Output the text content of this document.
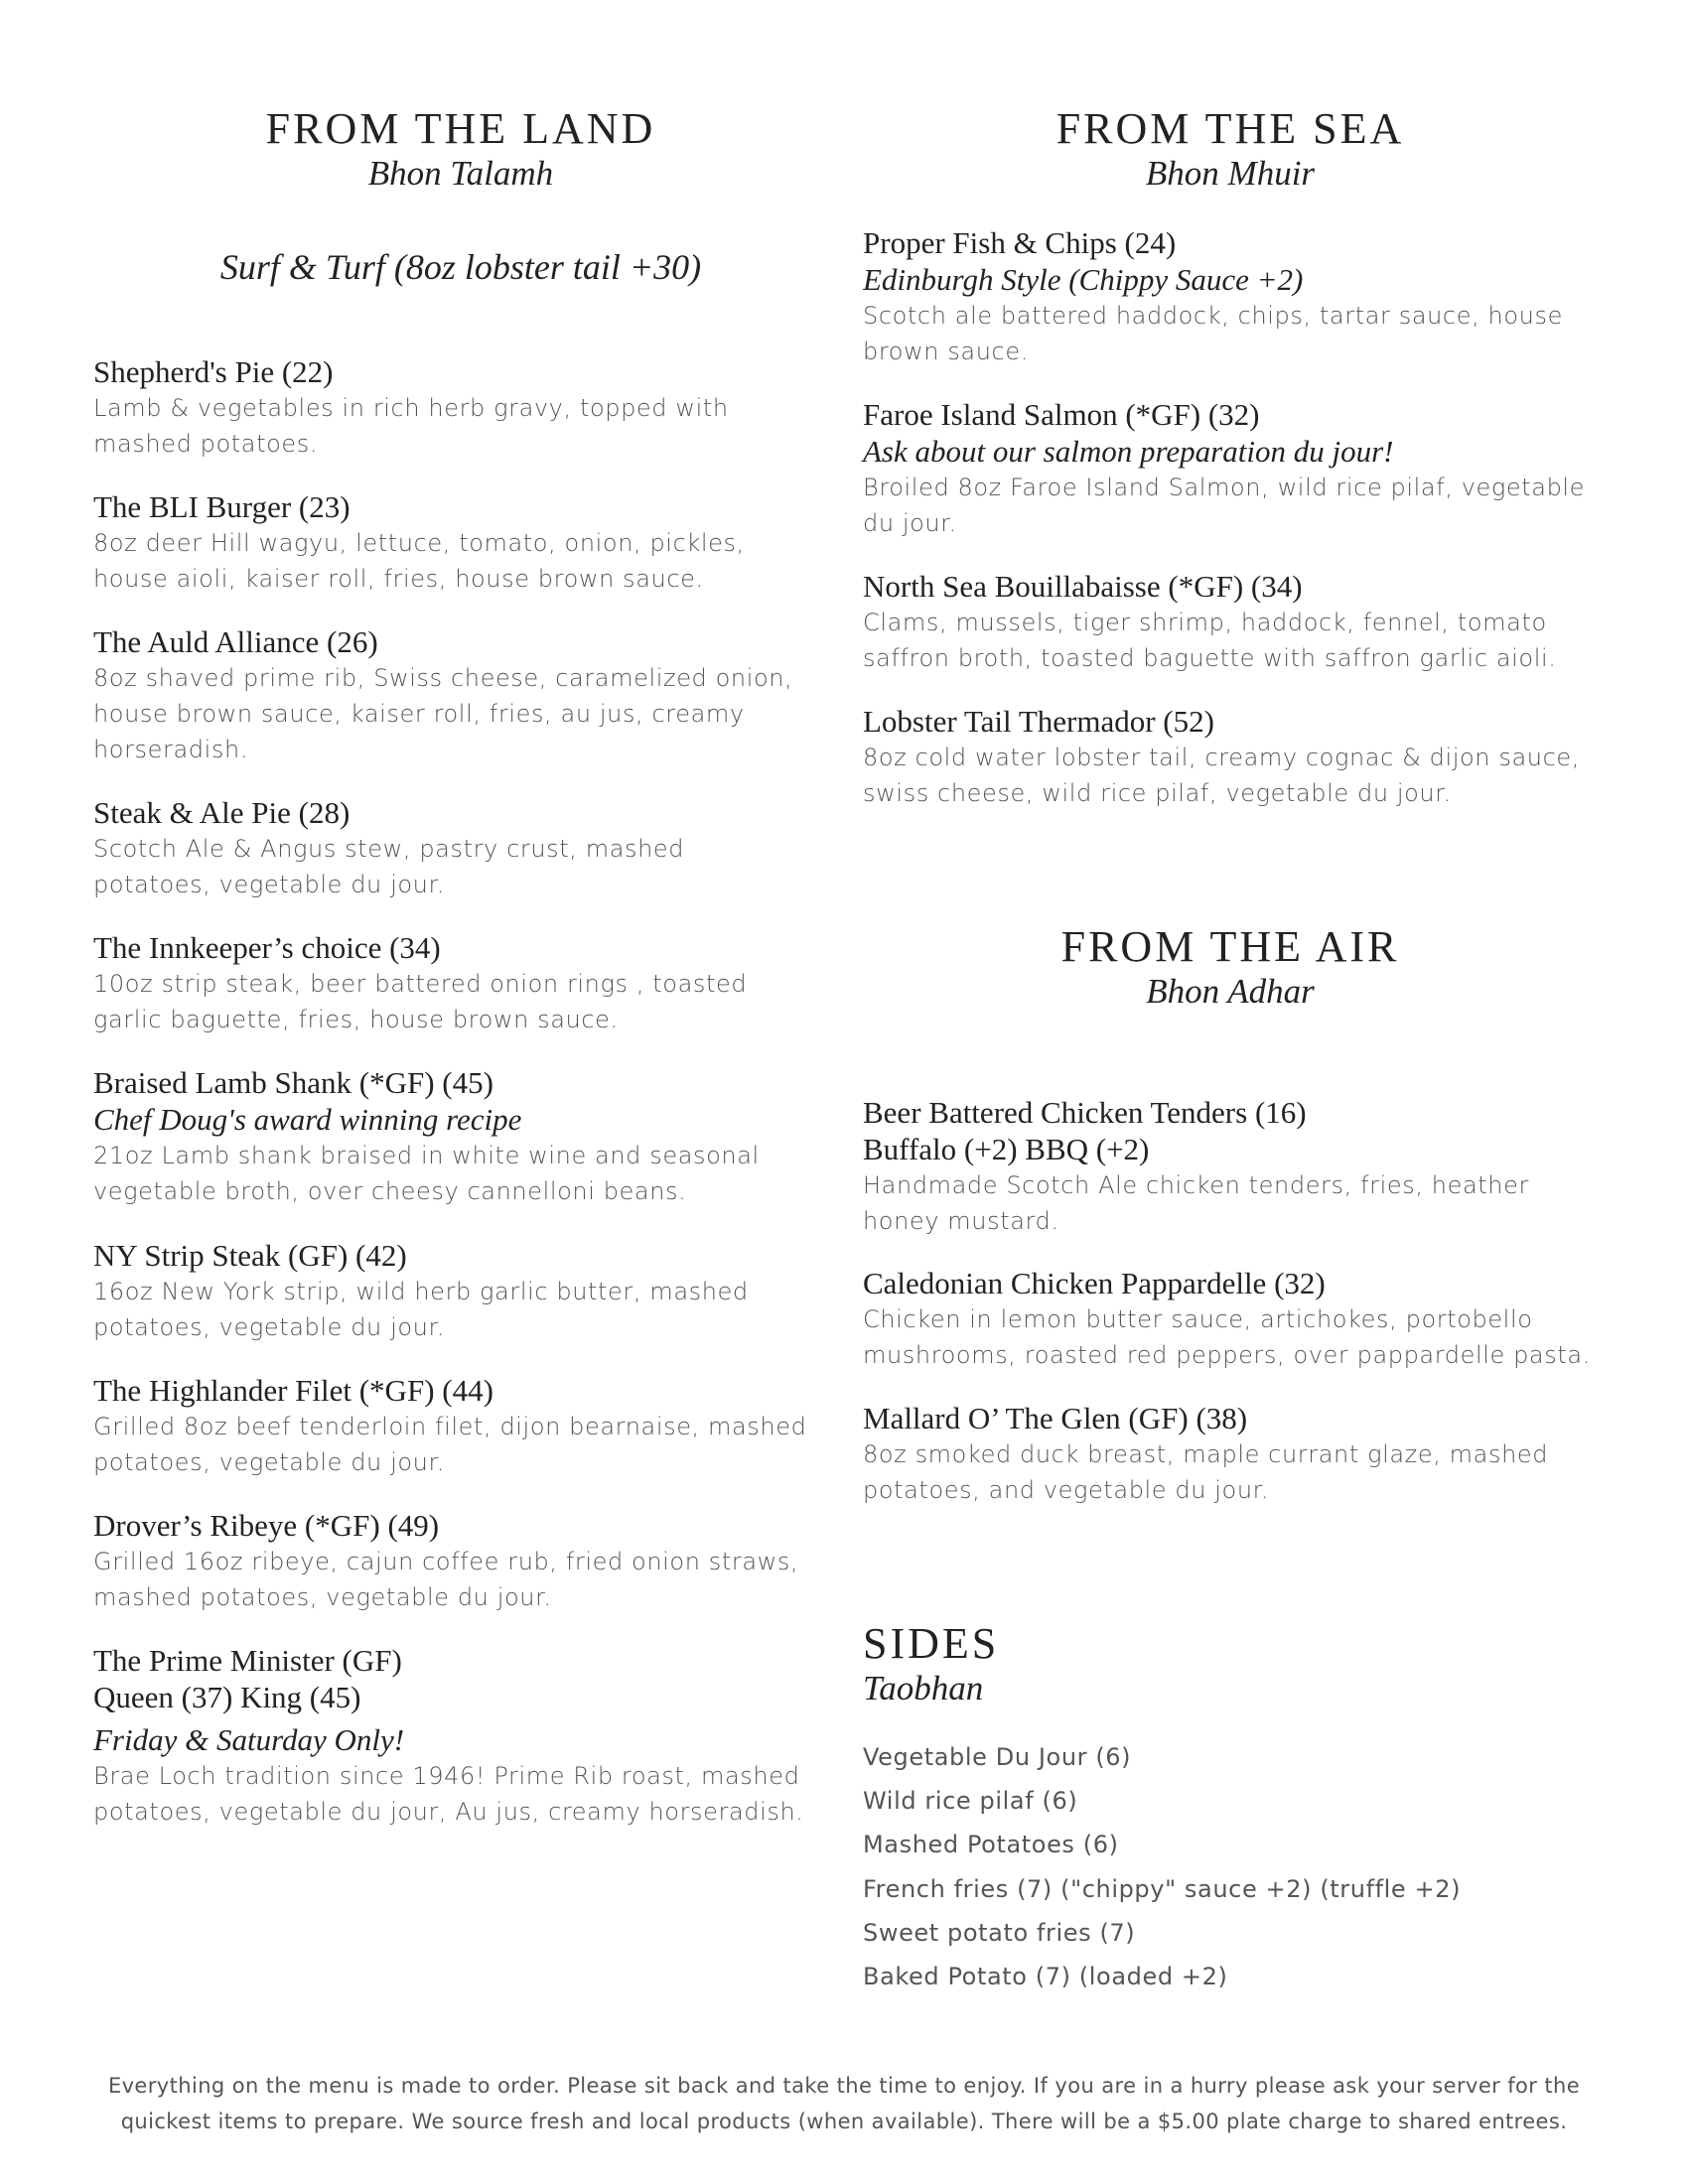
FROM THE LAND
Bhon Talamh
Surf & Turf (8oz lobster tail +30)
Shepherd's Pie (22)
Lamb & vegetables in rich herb gravy, topped with mashed potatoes.
The BLI Burger (23)
8oz deer Hill wagyu, lettuce, tomato, onion, pickles, house aioli, kaiser roll, fries, house brown sauce.
The Auld Alliance (26)
8oz shaved prime rib, Swiss cheese, caramelized onion, house brown sauce, kaiser roll, fries, au jus, creamy horseradish.
Steak & Ale Pie (28)
Scotch Ale & Angus stew, pastry crust, mashed potatoes, vegetable du jour.
The Innkeeper’s choice (34)
10oz strip steak, beer battered onion rings , toasted garlic baguette, fries, house brown sauce.
Braised Lamb Shank (*GF) (45)
Chef Doug's award winning recipe
21oz Lamb shank braised in white wine and seasonal vegetable broth, over cheesy cannelloni beans.
NY Strip Steak (GF) (42)
16oz New York strip, wild herb garlic butter, mashed potatoes, vegetable du jour.
The Highlander Filet (*GF) (44)
Grilled 8oz beef tenderloin filet, dijon bearnaise, mashed potatoes, vegetable du jour.
Drover’s Ribeye (*GF) (49)
Grilled 16oz ribeye, cajun coffee rub, fried onion straws, mashed potatoes, vegetable du jour.
The Prime Minister (GF)
Queen (37) King (45)
Friday & Saturday Only!
Brae Loch tradition since 1946! Prime Rib roast, mashed potatoes, vegetable du jour, Au jus, creamy horseradish.
FROM THE SEA
Bhon Mhuir
Proper Fish & Chips (24)
Edinburgh Style (Chippy Sauce +2)
Scotch ale battered haddock, chips, tartar sauce, house brown sauce.
Faroe Island Salmon (*GF) (32)
Ask about our salmon preparation du jour!
Broiled 8oz Faroe Island Salmon, wild rice pilaf, vegetable du jour.
North Sea Bouillabaisse (*GF) (34)
Clams, mussels, tiger shrimp, haddock, fennel, tomato saffron broth, toasted baguette with saffron garlic aioli.
Lobster Tail Thermador (52)
8oz cold water lobster tail, creamy cognac & dijon sauce, swiss cheese, wild rice pilaf, vegetable du jour.
FROM THE AIR
Bhon Adhar
Beer Battered Chicken Tenders (16)
Buffalo (+2) BBQ (+2)
Handmade Scotch Ale chicken tenders, fries, heather honey mustard.
Caledonian Chicken Pappardelle (32)
Chicken in lemon butter sauce, artichokes, portobello mushrooms, roasted red peppers, over pappardelle pasta.
Mallard O’ The Glen (GF) (38)
8oz smoked duck breast, maple currant glaze, mashed potatoes, and vegetable du jour.
SIDES
Taobhan
Vegetable Du Jour (6)
Wild rice pilaf (6)
Mashed Potatoes (6)
French fries (7) ("chippy" sauce +2) (truffle +2)
Sweet potato fries (7)
Baked Potato (7) (loaded +2)
Everything on the menu is made to order. Please sit back and take the time to enjoy. If you are in a hurry please ask your server for the
quickest items to prepare. We source fresh and local products (when available). There will be a $5.00 plate charge to shared entrees.
